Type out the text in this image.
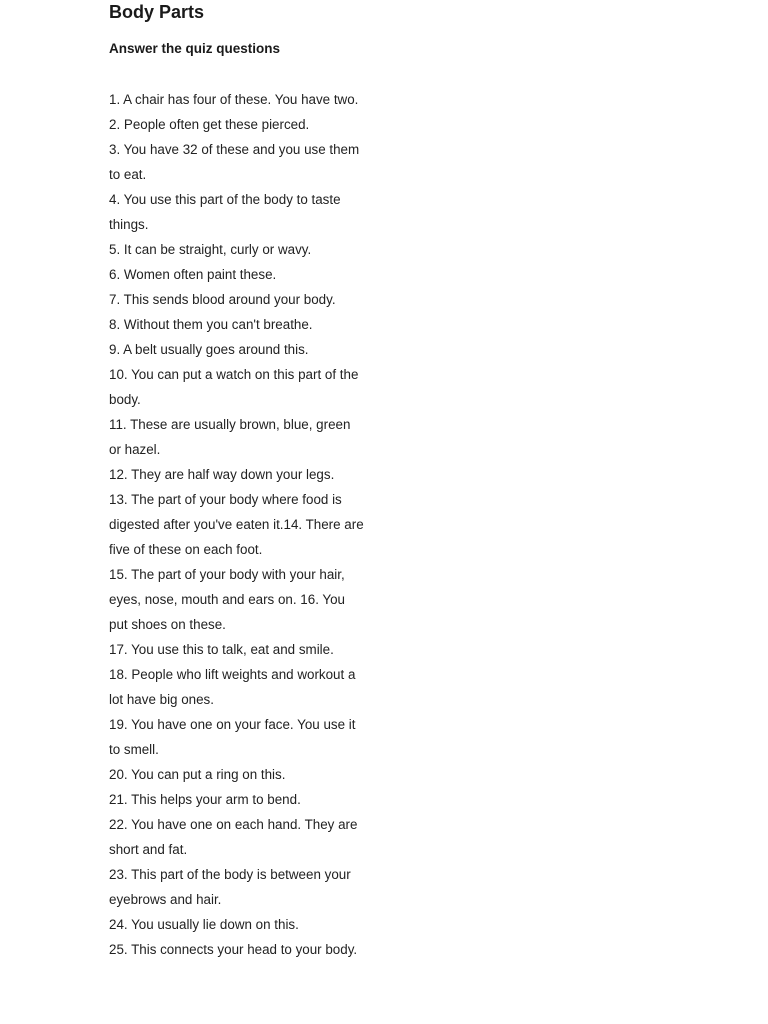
Body Parts
Answer the quiz questions
1. A chair has four of these. You have two.
2. People often get these pierced.
3. You have 32 of these and you use them to eat.
4. You use this part of the body to taste things.
5. It can be straight, curly or wavy.
6. Women often paint these.
7. This sends blood around your body.
8. Without them you can't breathe.
9. A belt usually goes around this.
10. You can put a watch on this part of the body.
11. These are usually brown, blue, green or hazel.
12. They are half way down your legs.
13. The part of your body where food is digested after you've eaten it.14. There are five of these on each foot.
15. The part of your body with your hair, eyes, nose, mouth and ears on. 16. You put shoes on these.
17. You use this to talk, eat and smile.
18. People who lift weights and workout a lot have big ones.
19. You have one on your face. You use it to smell.
20. You can put a ring on this.
21. This helps your arm to bend.
22. You have one on each hand. They are short and fat.
23. This part of the body is between your eyebrows and hair.
24. You usually lie down on this.
25. This connects your head to your body.
